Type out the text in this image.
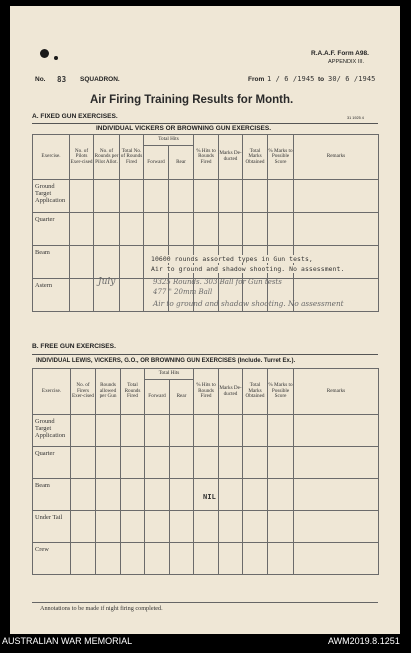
R.A.A.F. Form A98.
APPENDIX III.
No. 83 SQUADRON.	From 1 / 6 /1945 to 30/ 6 /1945
Air Firing Training Results for Month.
A. FIXED GUN EXERCISES.	31 1925 4
INDIVIDUAL VICKERS OR BROWNING GUN EXERCISES.
Exercise.	No. of Pilots Exer-cised	No. of Rounds per Pilot Allot.	Total No. of Rounds Fired	Total Hits		% Hits to Rounds Fired	Marks De-ducted	Total Marks Obtained	% Marks to Possible Score	Remarks
				Forward	Rear					
Ground Target Application										
Quarter										
Beam										
Astern										
10600 rounds assorted types in Gun tests,
Air to ground and shadow shooting. No assessment.
July	9325 Rounds. 303 Ball for Gun tests
477 " 20mm Ball
Air to ground and shadow shooting. No assessment
B. FREE GUN EXERCISES.
INDIVIDUAL LEWIS, VICKERS, G.O., OR BROWNING GUN EXERCISES (Include. Turret Ex.).
Exercise.	No. of Firers Exer-cised	Rounds allowed per Gun	Total Rounds Fired	Total Hits		% Hits to Rounds Fired	Marks De-ducted	Total Marks Obtained	% Marks to Possible Score	Remarks
				Forward	Rear					
Ground Target Application										
Quarter										
Beam										
Under Tail										
Crew										
NIL
Annotations to be made if night firing completed.
AUSTRALIAN WAR MEMORIAL	AWM2019.8.1251
